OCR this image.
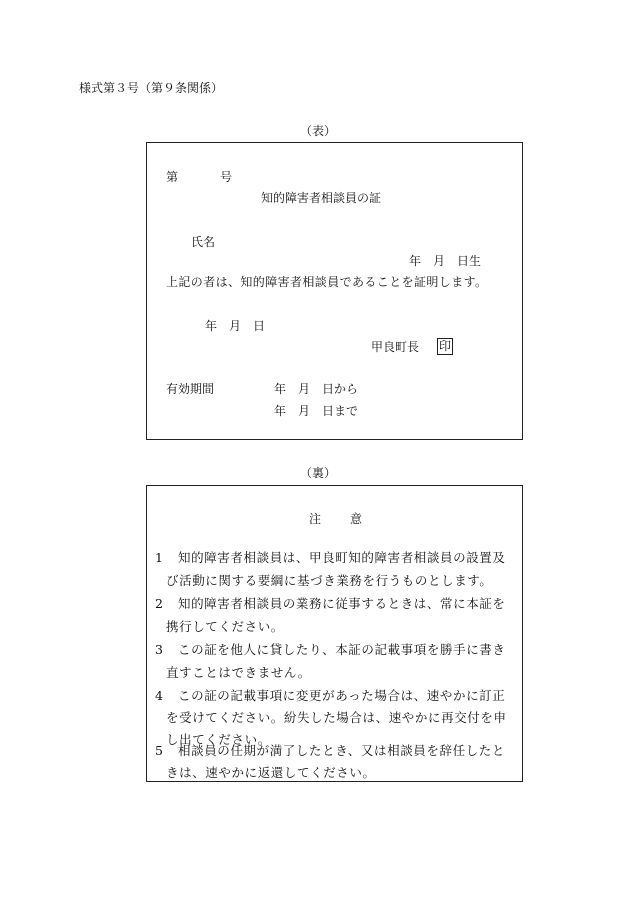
様式第３号（第９条関係）
（表）
第	号
知的障害者相談員の証
氏名
年　月　日生
上記の者は、知的障害者相談員であることを証明します。
年　月　日
甲良町長 印
有効期間	年　月　日から
年　月　日まで
（裏）
注 意
1 知的障害者相談員は、甲良町知的障害者相談員の設置及
び活動に関する要綱に基づき業務を行うものとします。
2 知的障害者相談員の業務に従事するときは、常に本証を
携行してください。
3 この証を他人に貸したり、本証の記載事項を勝手に書き
直すことはできません。
4 この証の記載事項に変更があった場合は、速やかに訂正
を受けてください。紛失した場合は、速やかに再交付を申
し出てください。
5 相談員の任期が満了したとき、又は相談員を辞任したと
きは、速やかに返還してください。
